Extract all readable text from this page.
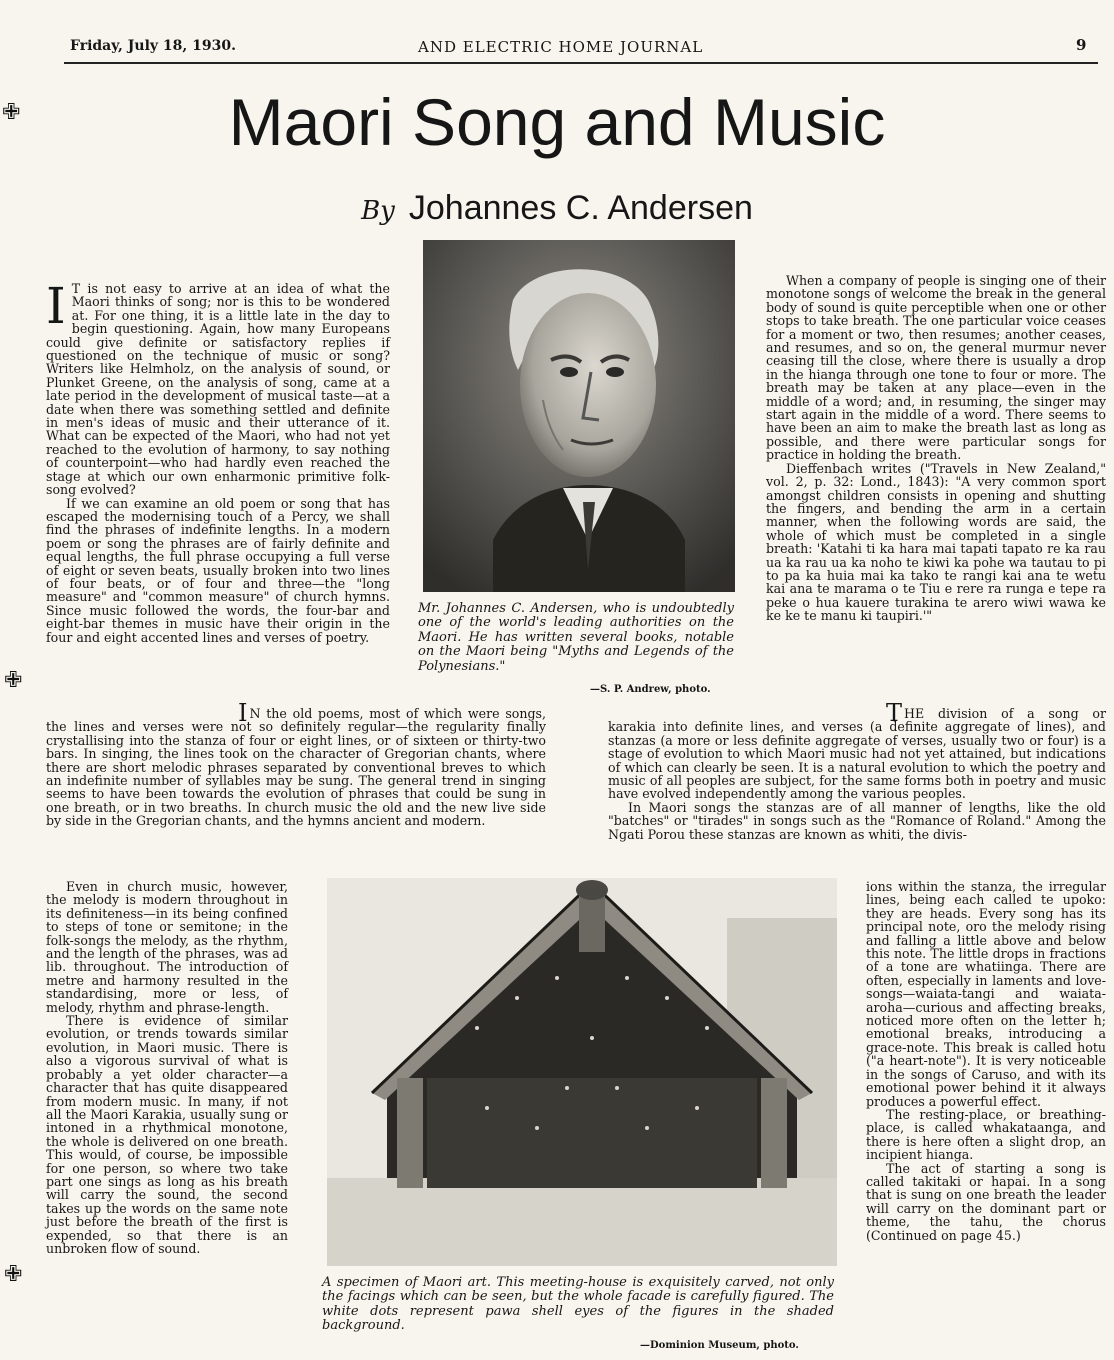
Friday, July 18, 1930.	AND ELECTRIC HOME JOURNAL	9
Maori Song and Music
By Johannes C. Andersen
I T is not easy to arrive at an idea of what the Maori thinks of song; nor is this to be wondered at. For one thing, it is a little late in the day to begin questioning. Again, how many Europeans could give definite or satisfactory replies if questioned on the technique of music or song? Writers like Helmholz, on the analysis of sound, or Plunket Greene, on the analysis of song, came at a late period in the development of musical taste—at a date when there was something settled and definite in men's ideas of music and their utterance of it. What can be expected of the Maori, who had not yet reached to the evolution of harmony, to say nothing of counterpoint—who had hardly even reached the stage at which our own enharmonic primitive folk-song evolved?

If we can examine an old poem or song that has escaped the modernising touch of a Percy, we shall find the phrases of indefinite lengths. In a modern poem or song the phrases are of fairly definite and equal lengths, the full phrase occupying a full verse of eight or seven beats, usually broken into two lines of four beats, or of four and three—the "long measure" and "common measure" of church hymns. Since music followed the words, the four-bar and eight-bar themes in music have their origin in the four and eight accented lines and verses of poetry.

Mr. Johannes C. Andersen, who is undoubtedly one of the world's leading authorities on the Maori. He has written several books, notable on the Maori being "Myths and Legends of the Polynesians."
—S. P. Andrew, photo.

When a company of people is singing one of their monotone songs of welcome the break in the general body of sound is quite perceptible when one or other stops to take breath. The one particular voice ceases for a moment or two, then resumes; another ceases, and resumes, and so on, the general murmur never ceasing till the close, where there is usually a drop in the hianga through one tone to four or more. The breath may be taken at any place—even in the middle of a word; and, in resuming, the singer may start again in the middle of a word. There seems to have been an aim to make the breath last as long as possible, and there were particular songs for practice in holding the breath.

Dieffenbach writes ("Travels in New Zealand," vol. 2, p. 32: Lond., 1843): "A very common sport amongst children consists in opening and shutting the fingers, and bending the arm in a certain manner, when the following words are said, the whole of which must be completed in a single breath: 'Katahi ti ka hara mai tapati tapato re ka rau ua ka rau ua ka noho te kiwi ka pohe wa tautau to pi to pa ka huia mai ka tako te rangi kai ana te wetu kai ana te marama o te Tiu e rere ra runga e tepe ra peke o hua kauere turakina te arero wiwi wawa ke ke ke te manu ki taupiri.'"

I N the old poems, most of which were songs, the lines and verses were not so definitely regular—the regularity finally crystallising into the stanza of four or eight lines, or of sixteen or thirty-two bars. In singing, the lines took on the character of Gregorian chants, where there are short melodic phrases separated by conventional breves to which an indefinite number of syllables may be sung. The general trend in singing seems to have been towards the evolution of phrases that could be sung in one breath, or in two breaths. In church music the old and the new live side by side in the Gregorian chants, and the hymns ancient and modern.

THE division of a song or karakia into definite lines, and verses (a definite aggregate of lines), and stanzas (a more or less definite aggregate of verses, usually two or four) is a stage of evolution to which Maori music had not yet attained, but indications of which can clearly be seen. It is a natural evolution to which the poetry and music of all peoples are subject, for the same forms both in poetry and music have evolved independently among the various peoples.

In Maori songs the stanzas are of all manner of lengths, like the old "batches" or "tirades" in songs such as the "Romance of Roland." Among the Ngati Porou these stanzas are known as whiti, the divis-

Even in church music, however, the melody is modern throughout in its definiteness—in its being confined to steps of tone or semitone; in the folk-songs the melody, as the rhythm, and the length of the phrases, was ad lib. throughout. The introduction of metre and harmony resulted in the standardising, more or less, of melody, rhythm and phrase-length.

There is evidence of similar evolution, or trends towards similar evolution, in Maori music. There is also a vigorous survival of what is probably a yet older character—a character that has quite disappeared from modern music. In many, if not all the Maori Karakia, usually sung or intoned in a rhythmical monotone, the whole is delivered on one breath. This would, of course, be impossible for one person, so where two take part one sings as long as his breath will carry the sound, the second takes up the words on the same note just before the breath of the first is expended, so that there is an unbroken flow of sound.

A specimen of Maori art. This meeting-house is exquisitely carved, not only the facings which can be seen, but the whole facade is carefully figured. The white dots represent pawa shell eyes of the figures in the shaded background.
—Dominion Museum, photo.

ions within the stanza, the irregular lines, being each called te upoko: they are heads. Every song has its principal note, oro the melody rising and falling a little above and below this note. The little drops in fractions of a tone are whatiinga. There are often, especially in laments and love-songs—waiata-tangi and waiata-aroha—curious and affecting breaks, noticed more often on the letter h; emotional breaks, introducing a grace-note. This break is called hotu ("a heart-note"). It is very noticeable in the songs of Caruso, and with its emotional power behind it it always produces a powerful effect.

The resting-place, or breathing-place, is called whakataanga, and there is here often a slight drop, an incipient hianga.

The act of starting a song is called takitaki or hapai. In a song that is sung on one breath the leader will carry on the dominant part or theme, the tahu, the chorus (Continued on page 45.)

✙
✙
✙
